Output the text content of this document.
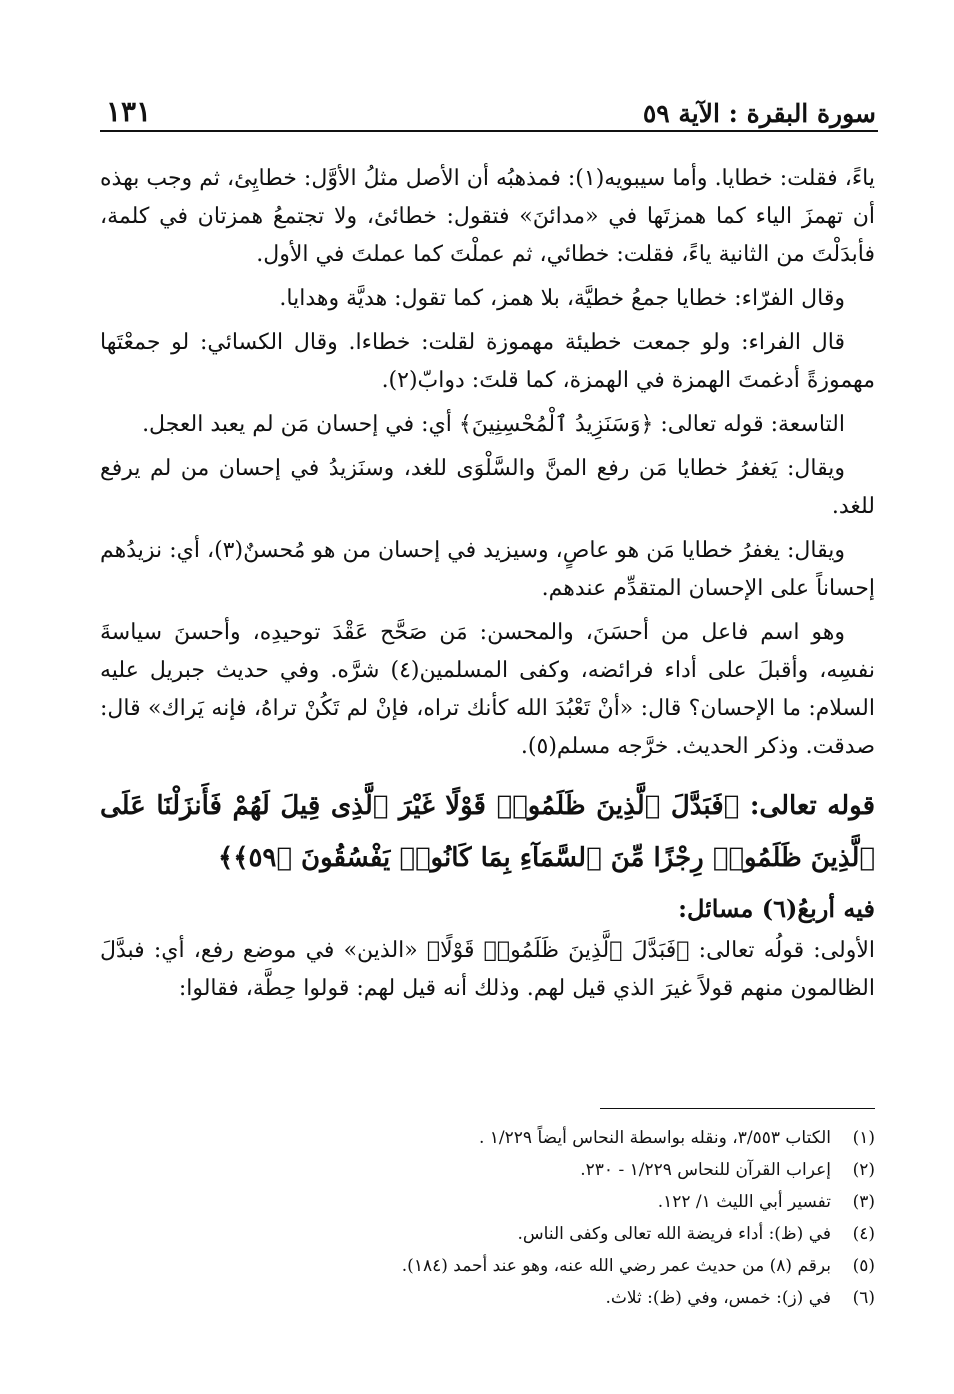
سورة البقرة : الآية ٥٩
١٣١

ياءً، فقلت: خطايا. وأما سيبويه(١): فمذهبُه أن الأصل مثلُ الأوَّل: خطايِئ، ثم وجب بهذه أن تهمزَ الياء كما همزتَها في «مدائنَ» فتقول: خطائئ، ولا تجتمعُ همزتان في كلمة، فأبدَلْتَ من الثانية ياءً، فقلت: خطائي، ثم عملْتَ كما عملتَ في الأول.

وقال الفرّاء: خطايا جمعُ خطيَّة، بلا همز، كما تقول: هديَّة وهدايا.

قال الفراء: ولو جمعت خطيئة مهموزة لقلت: خطاءا. وقال الكسائي: لو جمعْتَها مهموزةً أدغمتَ الهمزة في الهمزة، كما قلتَ: دوابّ(٢).

التاسعة: قوله تعالى: ﴿وَسَنَزِيدُ ٱلْمُحْسِنِينَ﴾ أي: في إحسان مَن لم يعبد العجل.

ويقال: يَغفرُ خطايا مَن رفع المنَّ والسَّلْوَى للغد، وسنَزيدُ في إحسان من لم يرفع للغد.

ويقال: يغفرُ خطايا مَن هو عاصٍ، وسيزيد في إحسان من هو مُحسنٌ(٣)، أي: نزيدُهم إحساناً على الإحسان المتقدِّم عندهم.

وهو اسم فاعل من أحسَنَ، والمحسن: مَن صَحَّح عَقْدَ توحيدِه، وأحسنَ سياسةَ نفسِه، وأقبلَ على أداء فرائضه، وكفى المسلمين(٤) شرَّه. وفي حديث جبريل عليه السلام: ما الإحسان؟ قال: «أنْ تَعْبُدَ الله كأنك تراه، فإنْ لم تَكُنْ تراهُ، فإنه يَراك» قال: صدقت. وذكر الحديث. خرَّجه مسلم(٥).

قوله تعالى: ﴿فَبَدَّلَ ٱلَّذِينَ ظَلَمُوا۟ قَوْلًا غَيْرَ ٱلَّذِى قِيلَ لَهُمْ فَأَنزَلْنَا عَلَى ٱلَّذِينَ ظَلَمُوا۟ رِجْزًا مِّنَ ٱلسَّمَآءِ بِمَا كَانُوا۟ يَفْسُقُونَ ﴿٥٩﴾﴾

فيه أربعُ(٦) مسائل:

الأولى: قولُه تعالى: ﴿فَبَدَّلَ ٱلَّذِينَ ظَلَمُوا۟ قَوْلًا﴾ «الذين» في موضع رفع، أي: فبدَّلَ الظالمون منهم قولاً غيرَ الذي قيل لهم. وذلك أنه قيل لهم: قولوا حِطَّة، فقالوا:

(١)
الكتاب ٣/٥٥٣، ونقله بواسطة النحاس أيضاً ١/٢٢٩ .
(٢)
إعراب القرآن للنحاس ١/٢٢٩ - ٢٣٠.
(٣)
تفسير أبي الليث ١/ ١٢٢.
(٤)
في (ظ): أداء فريضة الله تعالى وكفى الناس.
(٥)
برقم (٨) من حديث عمر رضي الله عنه، وهو عند أحمد (١٨٤).
(٦)
في (ز): خمس، وفي (ظ): ثلاث.
